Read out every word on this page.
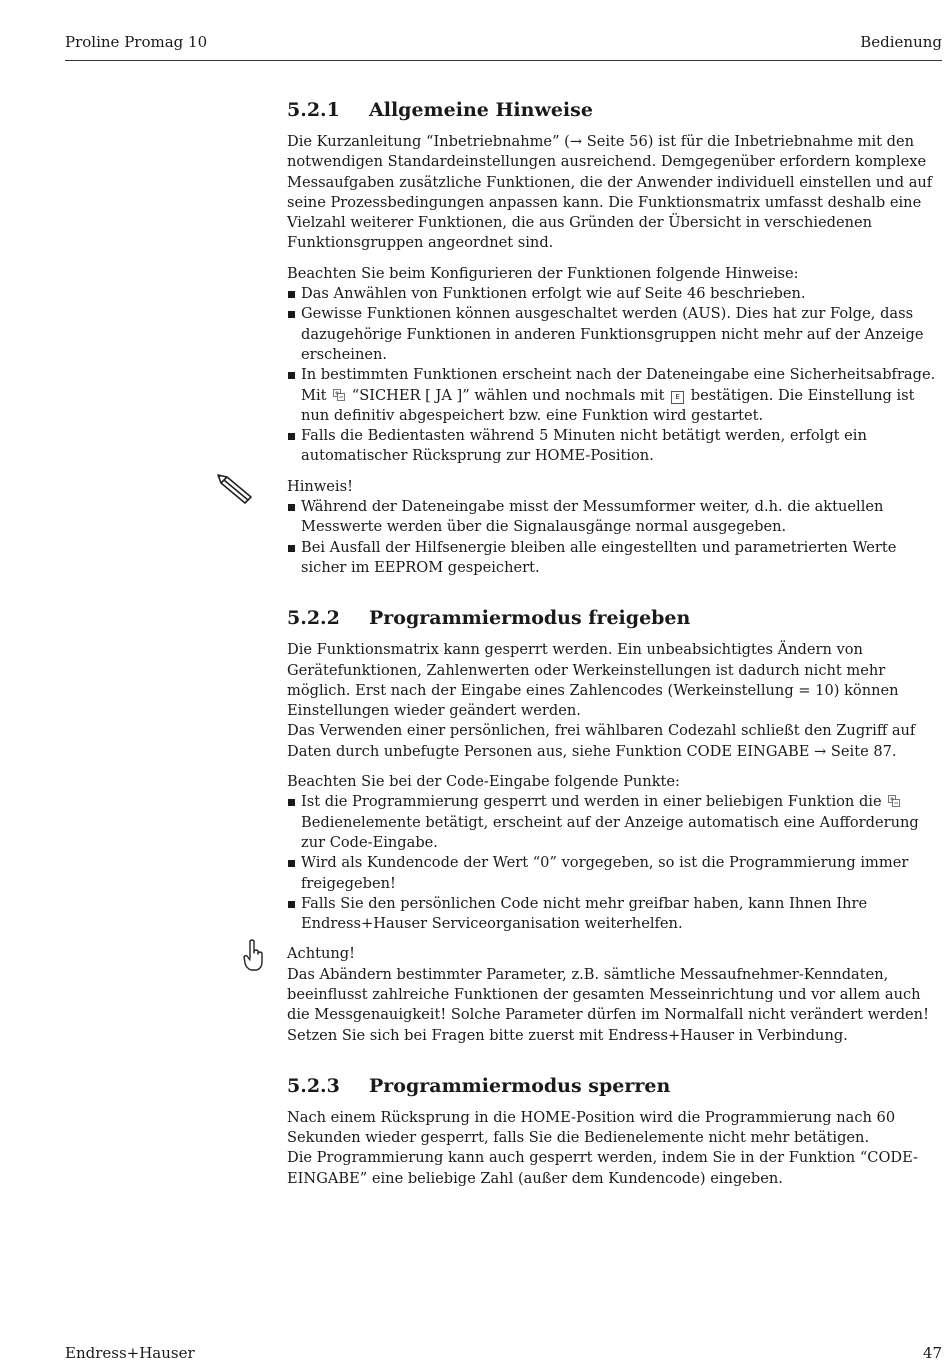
Proline Promag 10	Bedienung
5.2.1	Allgemeine Hinweise

Die Kurzanleitung “Inbetriebnahme” (→ Seite 56) ist für die Inbetriebnahme mit den notwendigen Standardeinstellungen ausreichend. Demgegenüber erfordern komplexe Messaufgaben zusätzliche Funktionen, die der Anwender individuell einstellen und auf seine Prozessbedingungen anpassen kann. Die Funktionsmatrix umfasst deshalb eine Vielzahl weiterer Funktionen, die aus Gründen der Übersicht in verschiedenen Funktionsgruppen angeordnet sind.

Beachten Sie beim Konfigurieren der Funktionen folgende Hinweise:

Das Anwählen von Funktionen erfolgt wie auf Seite 46 beschrieben.
Gewisse Funktionen können ausgeschaltet werden (AUS). Dies hat zur Folge, dass dazugehörige Funktionen in anderen Funktionsgruppen nicht mehr auf der Anzeige erscheinen.
In bestimmten Funktionen erscheint nach der Dateneingabe eine Sicherheitsabfrage.
Mit “SICHER [ JA ]” wählen und nochmals mit E bestätigen. Die Einstellung ist nun definitiv abgespeichert bzw. eine Funktion wird gestartet.
Falls die Bedientasten während 5 Minuten nicht betätigt werden, erfolgt ein automatischer Rücksprung zur HOME-Position.
Hinweis!
Während der Dateneingabe misst der Messumformer weiter, d.h. die aktuellen Messwerte werden über die Signalausgänge normal ausgegeben.
Bei Ausfall der Hilfsenergie bleiben alle eingestellten und parametrierten Werte sicher im EEPROM gespeichert.
5.2.2	Programmiermodus freigeben

Die Funktionsmatrix kann gesperrt werden. Ein unbeabsichtigtes Ändern von Gerätefunktionen, Zahlenwerten oder Werkeinstellungen ist dadurch nicht mehr möglich. Erst nach der Eingabe eines Zahlencodes (Werkeinstellung = 10) können Einstellungen wieder geändert werden.
Das Verwenden einer persönlichen, frei wählbaren Codezahl schließt den Zugriff auf Daten durch unbefugte Personen aus, siehe Funktion CODE EINGABE → Seite 87.

Beachten Sie bei der Code-Eingabe folgende Punkte:

Ist die Programmierung gesperrt und werden in einer beliebigen Funktion die  Bedienelemente betätigt, erscheint auf der Anzeige automatisch eine Aufforderung zur Code-Eingabe.
Wird als Kundencode der Wert “0” vorgegeben, so ist die Programmierung immer freigegeben!
Falls Sie den persönlichen Code nicht mehr greifbar haben, kann Ihnen Ihre Endress+Hauser Serviceorganisation weiterhelfen.
Achtung!
Das Abändern bestimmter Parameter, z.B. sämtliche Messaufnehmer-Kenndaten, beeinflusst zahlreiche Funktionen der gesamten Messeinrichtung und vor allem auch die Messgenauigkeit! Solche Parameter dürfen im Normalfall nicht verändert werden! Setzen Sie sich bei Fragen bitte zuerst mit Endress+Hauser in Verbindung.
5.2.3	Programmiermodus sperren

Nach einem Rücksprung in die HOME-Position wird die Programmierung nach 60 Sekunden wieder gesperrt, falls Sie die Bedienelemente nicht mehr betätigen.
Die Programmierung kann auch gesperrt werden, indem Sie in der Funktion “CODE-EINGABE” eine beliebige Zahl (außer dem Kundencode) eingeben.

Endress+Hauser	47
